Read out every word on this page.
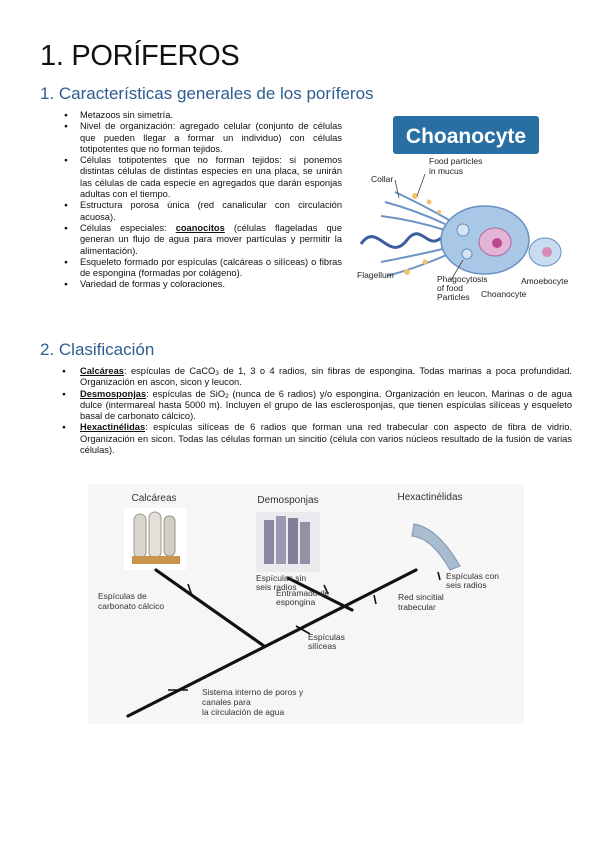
1. PORÍFEROS
1. Características generales de los poríferos
● Metazoos sin simetría.
● Nivel de organización: agregado celular (conjunto de células que pueden llegar a formar un individuo) con células totipotentes que no forman tejidos.
● Células totipotentes que no forman tejidos: si ponemos distintas células de distintas especies en una placa, se unirán las células de cada especie en agregados que darán esponjas adultas con el tiempo.
● Estructura porosa única (red canalicular con circulación acuosa).
● Células especiales: coanocitos (células flageladas que generan un flujo de agua para mover partículas y permitir la alimentación).
● Esqueleto formado por espículas (calcáreas o silíceas) o fibras de espongina (formadas por colágeno).
● Variedad de formas y coloraciones.
Choanocyte
Food particles
in mucus
Collar
Flagellum	Phagocytosis
of food
Particles Choanocyte
Amoebocyte
2. Clasificación
● Calcáreas: espículas de CaCO$_3$ de 1, 3 o 4 radios, sin fibras de espongina. Todas marinas a poca profundidad. Organización en ascon, sicon y leucon.
● Desmosponjas: espículas de SiO$_2$ (nunca de 6 radios) y/o espongina. Organización en leucon. Marinas o de agua dulce (intermareal hasta 5000 m). Incluyen el grupo de las esclerosponjas, que tienen espículas silíceas y esqueleto basal de carbonato cálcico).
● Hexactinélidas: espículas silíceas de 6 radios que forman una red trabecular con aspecto de fibra de vidrio. Organización en sicon. Todas las células forman un sincitio (célula con varios núcleos resultado de la fusión de varias células).
Calcáreas	Demosponjas	Hexactinélidas
Espículas de
carbonato cálcico
Espículas sin
seis radios
Entramado de
espongina	Red sincitial
trabecular
Espículas con
seis radios
Espículas
silíceas
Sistema interno de poros y
canales para
la circulación de agua
